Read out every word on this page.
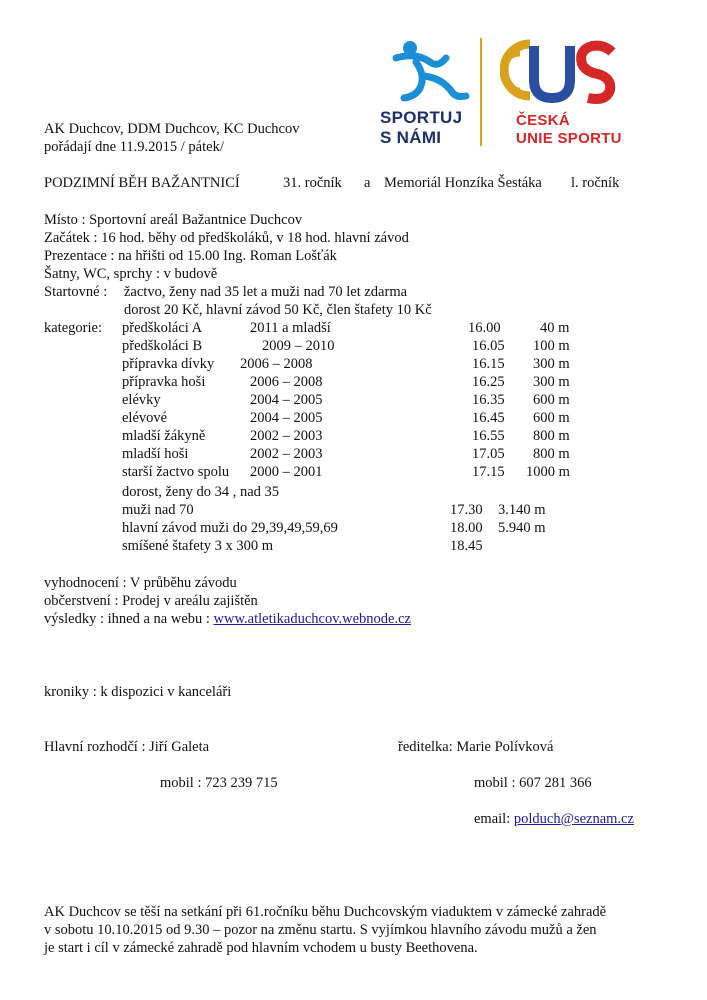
SPORTUJ
S NÁMI
ČESKÁ
UNIE SPORTU
AK Duchcov, DDM Duchcov, KC Duchcov
pořádají dne 11.9.2015 / pátek/
PODZIMNÍ BĚH BAŽANTNICÍ	31. ročník a Memoriál Honzíka Šestáka l. ročník
Místo : Sportovní areál Bažantnice Duchcov
Začátek : 16 hod. běhy od předškoláků, v 18 hod. hlavní závod
Prezentace : na hřišti od 15.00 Ing. Roman Lošťák
Šatny, WC, sprchy : v budově
Startovné : žactvo, ženy nad 35 let a muži nad 70 let zdarma
dorost 20 Kč, hlavní závod 50 Kč, člen štafety 10 Kč
kategorie: předškoláci A	2011 a mladší	16.00	40 m
předškoláci B	2009 – 2010	16.05 100 m
přípravka dívky 2006 – 2008	16.15 300 m
přípravka hoši	2006 – 2008	16.25 300 m
elévky	2004 – 2005	16.35 600 m
elévové	2004 – 2005	16.45 600 m
mladší žákyně	2002 – 2003	16.55 800 m
mladší hoši	2002 – 2003	17.05 800 m
starší žactvo spolu 2000 – 2001	17.15 1000 m
dorost, ženy do 34 , nad 35
muži nad 70	17.30 3.140 m
hlavní závod muži do 29,39,49,59,69	18.00 5.940 m
smíšené štafety 3 x 300 m	18.45
vyhodnocení : V průběhu závodu
občerstvení : Prodej v areálu zajištěn
výsledky : ihned a na webu : www.atletikaduchcov.webnode.cz
kroniky : k dispozici v kanceláři
Hlavní rozhodčí : Jiří Galeta	ředitelka: Marie Polívková
mobil : 723 239 715	mobil : 607 281 366
email: polduch@seznam.cz
AK Duchcov se těší na setkání při 61.ročníku běhu Duchcovským viaduktem v zámecké zahradě
v sobotu 10.10.2015 od 9.30 – pozor na změnu startu. S vyjímkou hlavního závodu mužů a žen
je start i cíl v zámecké zahradě pod hlavním vchodem u busty Beethovena.
